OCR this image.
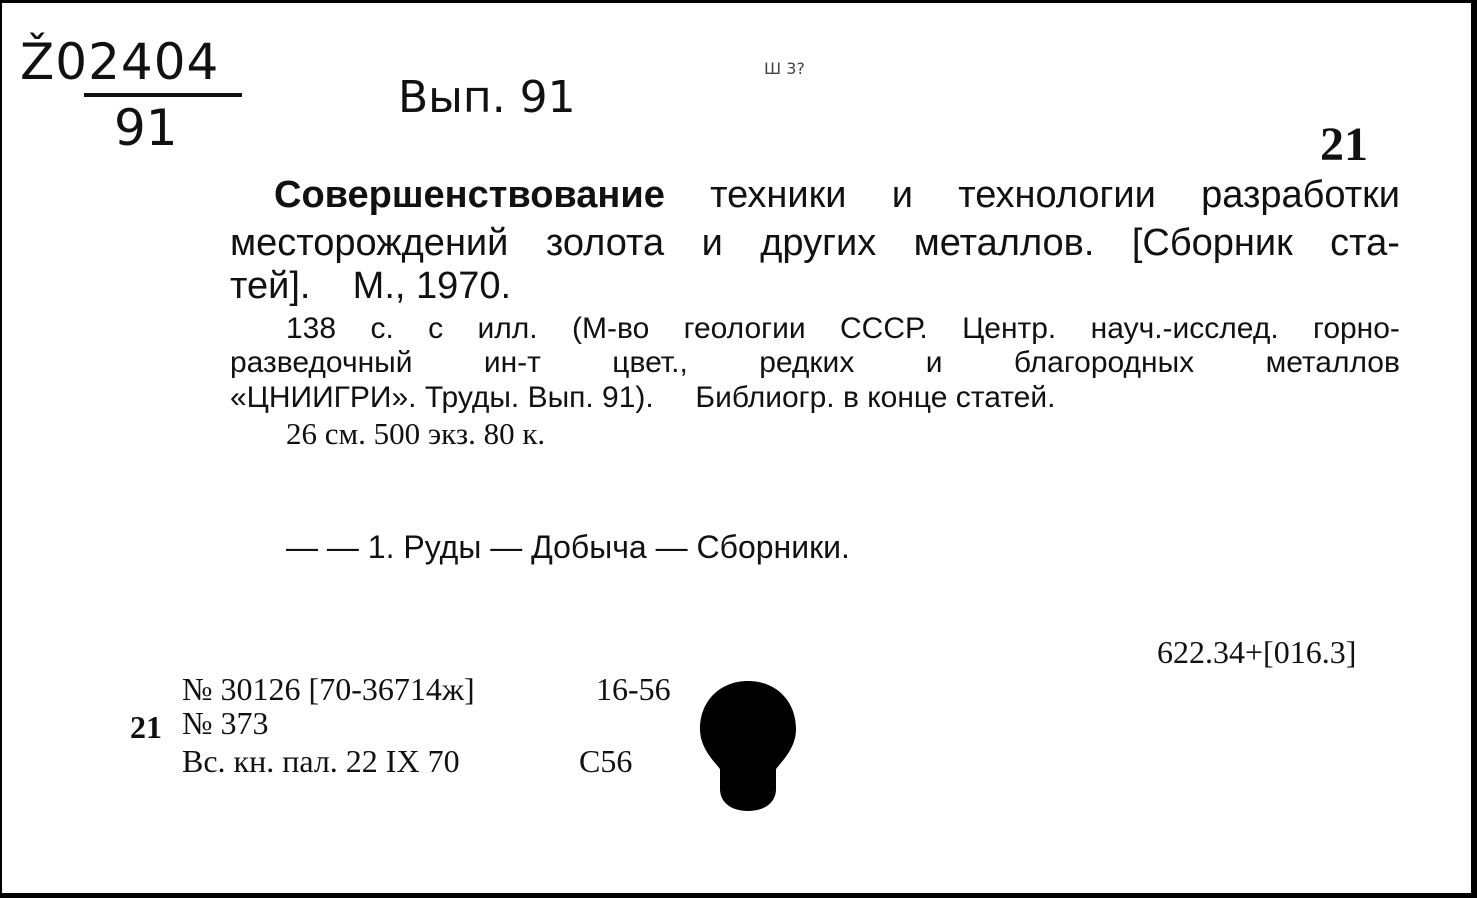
Ž02404
91
Вып. 91
Ш 3?
21
Совершенствование техники и технологии разработки
месторождений золота и других металлов. [Сборник ста-
тей].    М., 1970.
138 с. с илл. (М-во геологии СССР. Центр. науч.-исслед. горно-
разведочный ин-т цвет., редких и благородных металлов
«ЦНИИГРИ». Труды. Вып. 91).     Библиогр. в конце статей.
26 см. 500 экз. 80 к.
— — 1. Руды — Добыча — Сборники.
622.34+[016.3]
№ 30126 [70-36714ж]	16-56
21 № 373
Вс. кн. пал. 22 IX 70	С56
